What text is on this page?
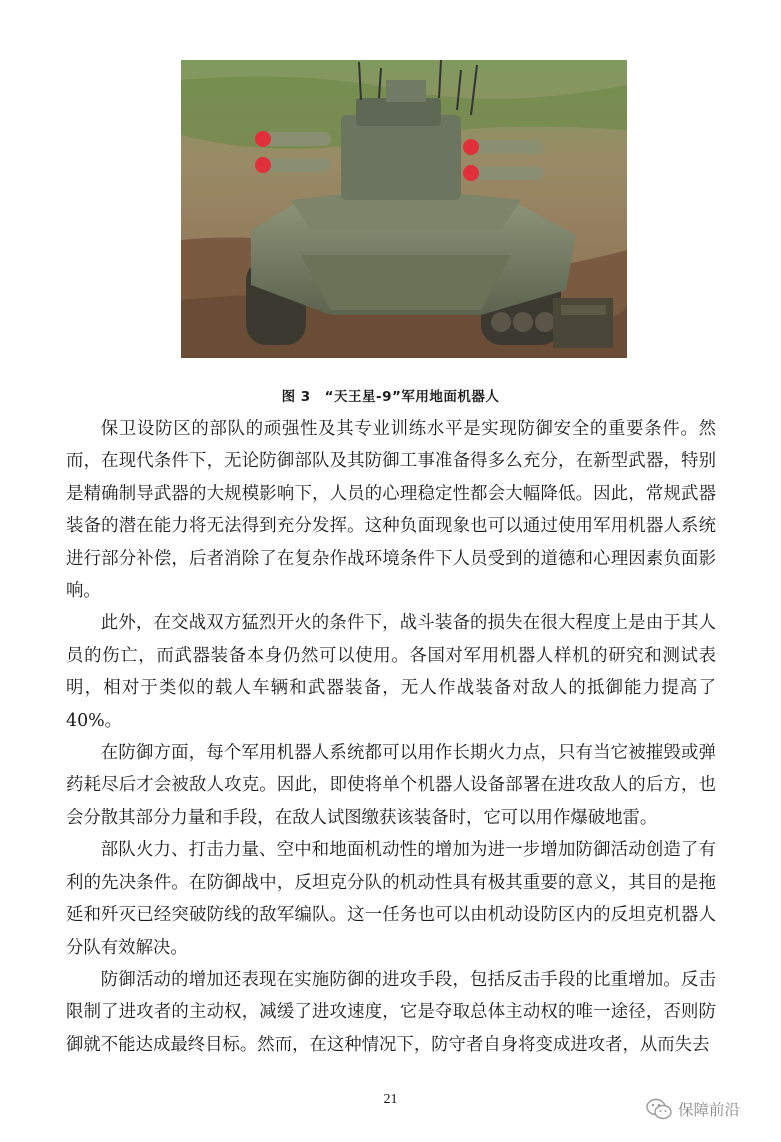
图 3　“天王星-9”军用地面机器人

保卫设防区的部队的顽强性及其专业训练水平是实现防御安全的重要条件。然而，在现代条件下，无论防御部队及其防御工事准备得多么充分，在新型武器，特别是精确制导武器的大规模影响下，人员的心理稳定性都会大幅降低。因此，常规武器装备的潜在能力将无法得到充分发挥。这种负面现象也可以通过使用军用机器人系统进行部分补偿，后者消除了在复杂作战环境条件下人员受到的道德和心理因素负面影响。

此外，在交战双方猛烈开火的条件下，战斗装备的损失在很大程度上是由于其人员的伤亡，而武器装备本身仍然可以使用。各国对军用机器人样机的研究和测试表明，相对于类似的载人车辆和武器装备，无人作战装备对敌人的抵御能力提高了 40%。

在防御方面，每个军用机器人系统都可以用作长期火力点，只有当它被摧毁或弹药耗尽后才会被敌人攻克。因此，即使将单个机器人设备部署在进攻敌人的后方，也会分散其部分力量和手段，在敌人试图缴获该装备时，它可以用作爆破地雷。

部队火力、打击力量、空中和地面机动性的增加为进一步增加防御活动创造了有利的先决条件。在防御战中，反坦克分队的机动性具有极其重要的意义，其目的是拖延和歼灭已经突破防线的敌军编队。这一任务也可以由机动设防区内的反坦克机器人分队有效解决。

防御活动的增加还表现在实施防御的进攻手段，包括反击手段的比重增加。反击限制了进攻者的主动权，减缓了进攻速度，它是夺取总体主动权的唯一途径，否则防御就不能达成最终目标。然而，在这种情况下，防守者自身将变成进攻者，从而失去

21
保障前沿
